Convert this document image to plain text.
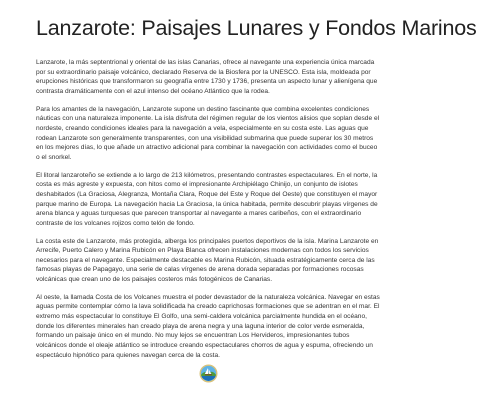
Lanzarote: Paisajes Lunares y Fondos Marinos

Lanzarote, la más septentrional y oriental de las islas Canarias, ofrece al navegante una experiencia única marcada por su extraordinario paisaje volcánico, declarado Reserva de la Biosfera por la UNESCO. Esta isla, moldeada por erupciones históricas que transformaron su geografía entre 1730 y 1736, presenta un aspecto lunar y alienígena que contrasta dramáticamente con el azul intenso del océano Atlántico que la rodea.

Para los amantes de la navegación, Lanzarote supone un destino fascinante que combina excelentes condiciones náuticas con una naturaleza imponente. La isla disfruta del régimen regular de los vientos alisios que soplan desde el nordeste, creando condiciones ideales para la navegación a vela, especialmente en su costa este. Las aguas que rodean Lanzarote son generalmente transparentes, con una visibilidad submarina que puede superar los 30 metros en los mejores días, lo que añade un atractivo adicional para combinar la navegación con actividades como el buceo o el snorkel.

El litoral lanzaroteño se extiende a lo largo de 213 kilómetros, presentando contrastes espectaculares. En el norte, la costa es más agreste y expuesta, con hitos como el impresionante Archipiélago Chinijo, un conjunto de islotes deshabitados (La Graciosa, Alegranza, Montaña Clara, Roque del Este y Roque del Oeste) que constituyen el mayor parque marino de Europa. La navegación hacia La Graciosa, la única habitada, permite descubrir playas vírgenes de arena blanca y aguas turquesas que parecen transportar al navegante a mares caribeños, con el extraordinario contraste de los volcanes rojizos como telón de fondo.

La costa este de Lanzarote, más protegida, alberga los principales puertos deportivos de la isla. Marina Lanzarote en Arrecife, Puerto Calero y Marina Rubicón en Playa Blanca ofrecen instalaciones modernas con todos los servicios necesarios para el navegante. Especialmente destacable es Marina Rubicón, situada estratégicamente cerca de las famosas playas de Papagayo, una serie de calas vírgenes de arena dorada separadas por formaciones rocosas volcánicas que crean uno de los paisajes costeros más fotogénicos de Canarias.

Al oeste, la llamada Costa de los Volcanes muestra el poder devastador de la naturaleza volcánica. Navegar en estas aguas permite contemplar cómo la lava solidificada ha creado caprichosas formaciones que se adentran en el mar. El extremo más espectacular lo constituye El Golfo, una semi-caldera volcánica parcialmente hundida en el océano, donde los diferentes minerales han creado playa de arena negra y una laguna interior de color verde esmeralda, formando un paisaje único en el mundo. No muy lejos se encuentran Los Hervideros, impresionantes tubos volcánicos donde el oleaje atlántico se introduce creando espectaculares chorros de agua y espuma, ofreciendo un espectáculo hipnótico para quienes navegan cerca de la costa.
